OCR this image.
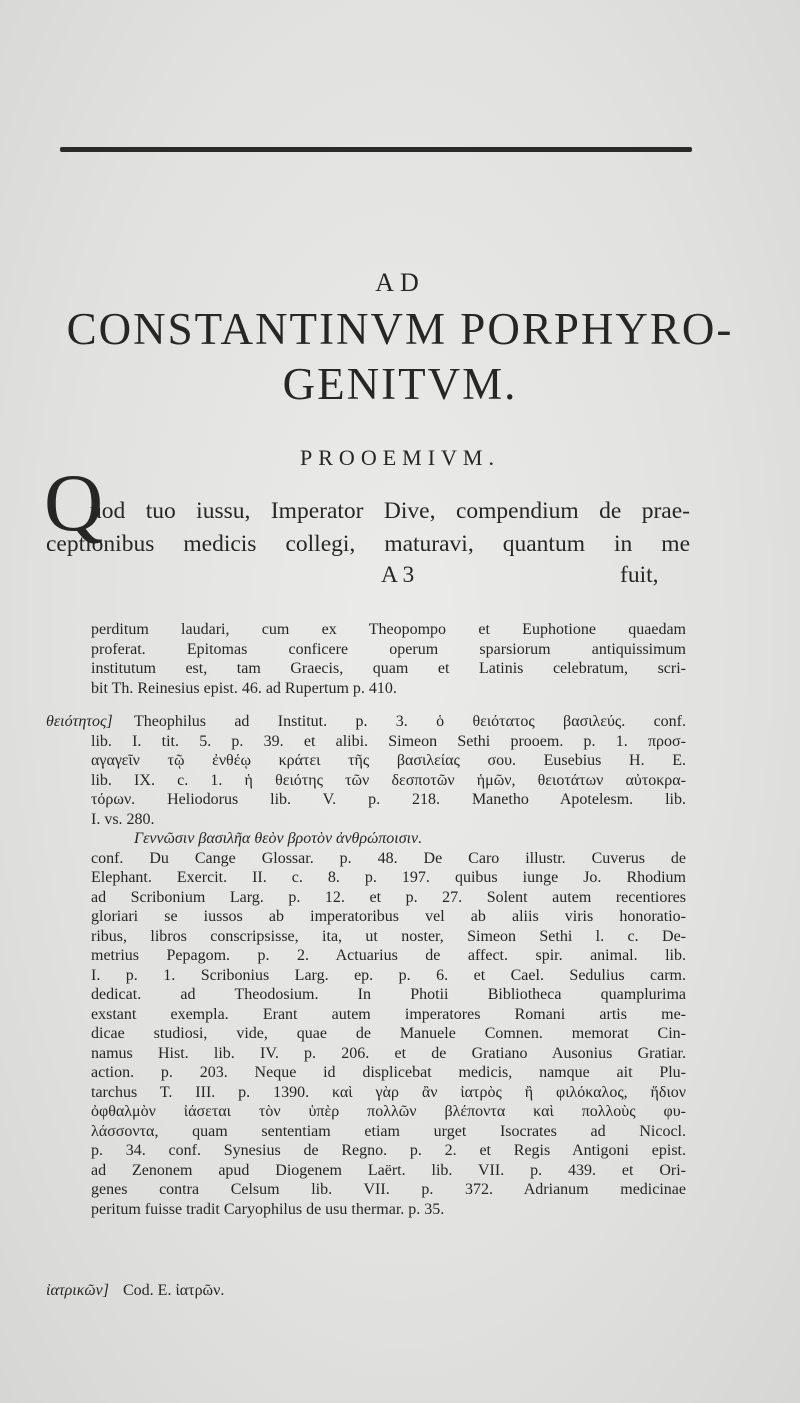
AD
CONSTANTINVM PORPHYRO-
GENITVM.
PROOEMIVM.
Q
uod tuo iussu, Imperator Dive, compendium de prae-
ceptionibus medicis collegi, maturavi, quantum in me
A 3	fuit,
perditum laudari, cum ex Theopompo et Euphotione quaedam
proferat. Epitomas conficere operum sparsiorum antiquissimum
institutum est, tam Graecis, quam et Latinis celebratum, scri-
bit Th. Reinesius epist. 46. ad Rupertum p. 410.
θειότητος]	Theophilus ad Institut. p. 3. ὁ θειότατος βασιλεύς. conf.
lib. I. tit. 5. p. 39. et alibi. Simeon Sethi prooem. p. 1. προσ-
αγαγεῖν τῷ ἐνθέῳ κράτει τῆς βασιλείας σου. Eusebius H. E.
lib. IX. c. 1. ἡ θειότης τῶν δεσποτῶν ἡμῶν, θειοτάτων αὐτοκρα-
τόρων. Heliodorus lib. V. p. 218. Manetho Apotelesm. lib.
I. vs. 280.
Γεννῶσιν βασιλῆα θεὸν βροτὸν ἀνθρώποισιν.
conf. Du Cange Glossar. p. 48. De Caro illustr. Cuverus de
Elephant. Exercit. II. c. 8. p. 197. quibus iunge Jo. Rhodium
ad Scribonium Larg. p. 12. et p. 27. Solent autem recentiores
gloriari se iussos ab imperatoribus vel ab aliis viris honoratio-
ribus, libros conscripsisse, ita, ut noster, Simeon Sethi l. c. De-
metrius Pepagom. p. 2. Actuarius de affect. spir. animal. lib.
I. p. 1. Scribonius Larg. ep. p. 6. et Cael. Sedulius carm.
dedicat. ad Theodosium. In Photii Bibliotheca quamplurima
exstant exempla. Erant autem imperatores Romani artis me-
dicae studiosi, vide, quae de Manuele Comnen. memorat Cin-
namus Hist. lib. IV. p. 206. et de Gratiano Ausonius Gratiar.
action. p. 203. Neque id displicebat medicis, namque ait Plu-
tarchus T. III. p. 1390. καὶ γὰρ ἂν ἰατρὸς ἢ φιλόκαλος, ἥδιον
ὀφθαλμὸν ἰάσεται τὸν ὑπὲρ πολλῶν βλέποντα καὶ πολλοὺς φυ-
λάσσοντα, quam sententiam etiam urget Isocrates ad Nicocl.
p. 34. conf. Synesius de Regno. p. 2. et Regis Antigoni epist.
ad Zenonem apud Diogenem Laërt. lib. VII. p. 439. et Ori-
genes contra Celsum lib. VII. p. 372. Adrianum medicinae
peritum fuisse tradit Caryophilus de usu thermar. p. 35.
ἰατρικῶν] Cod. E. ἰατρῶν.
